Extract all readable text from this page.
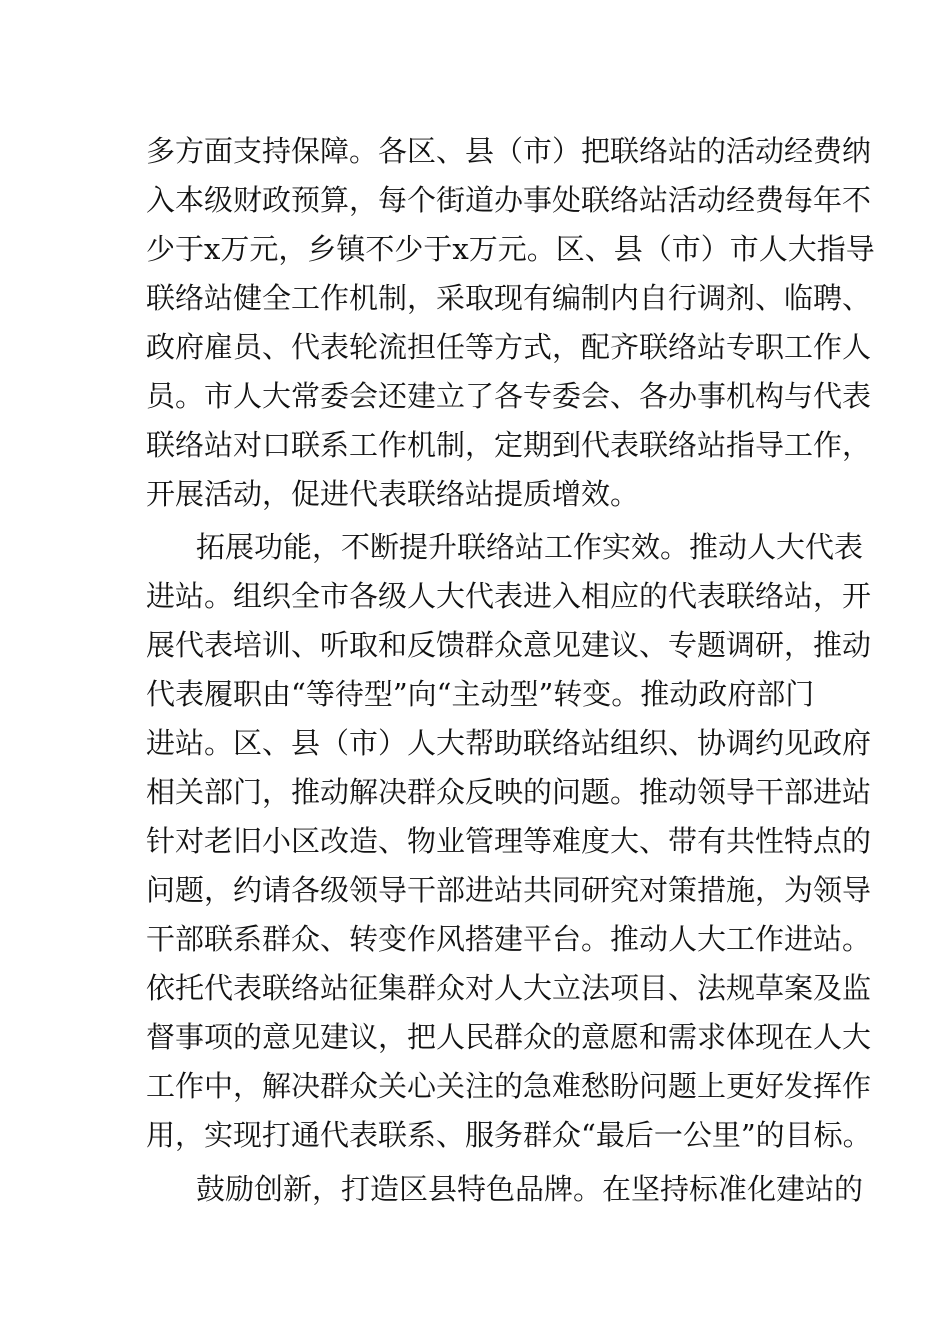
多方面支持保障。各区、县（市）把联络站的活动经费纳
入本级财政预算，每个街道办事处联络站活动经费每年不
少于x万元，乡镇不少于x万元。区、县（市）市人大指导
联络站健全工作机制，采取现有编制内自行调剂、临聘、
政府雇员、代表轮流担任等方式，配齐联络站专职工作人
员。市人大常委会还建立了各专委会、各办事机构与代表
联络站对口联系工作机制，定期到代表联络站指导工作，
开展活动，促进代表联络站提质增效。
拓展功能，不断提升联络站工作实效。推动人大代表
进站。组织全市各级人大代表进入相应的代表联络站，开
展代表培训、听取和反馈群众意见建议、专题调研，推动
代表履职由“等待型”向“主动型”转变。推动政府部门
进站。区、县（市）人大帮助联络站组织、协调约见政府
相关部门，推动解决群众反映的问题。推动领导干部进站
针对老旧小区改造、物业管理等难度大、带有共性特点的
问题，约请各级领导干部进站共同研究对策措施，为领导
干部联系群众、转变作风搭建平台。推动人大工作进站。
依托代表联络站征集群众对人大立法项目、法规草案及监
督事项的意见建议，把人民群众的意愿和需求体现在人大
工作中，解决群众关心关注的急难愁盼问题上更好发挥作
用，实现打通代表联系、服务群众“最后一公里”的目标。
鼓励创新，打造区县特色品牌。在坚持标准化建站的
